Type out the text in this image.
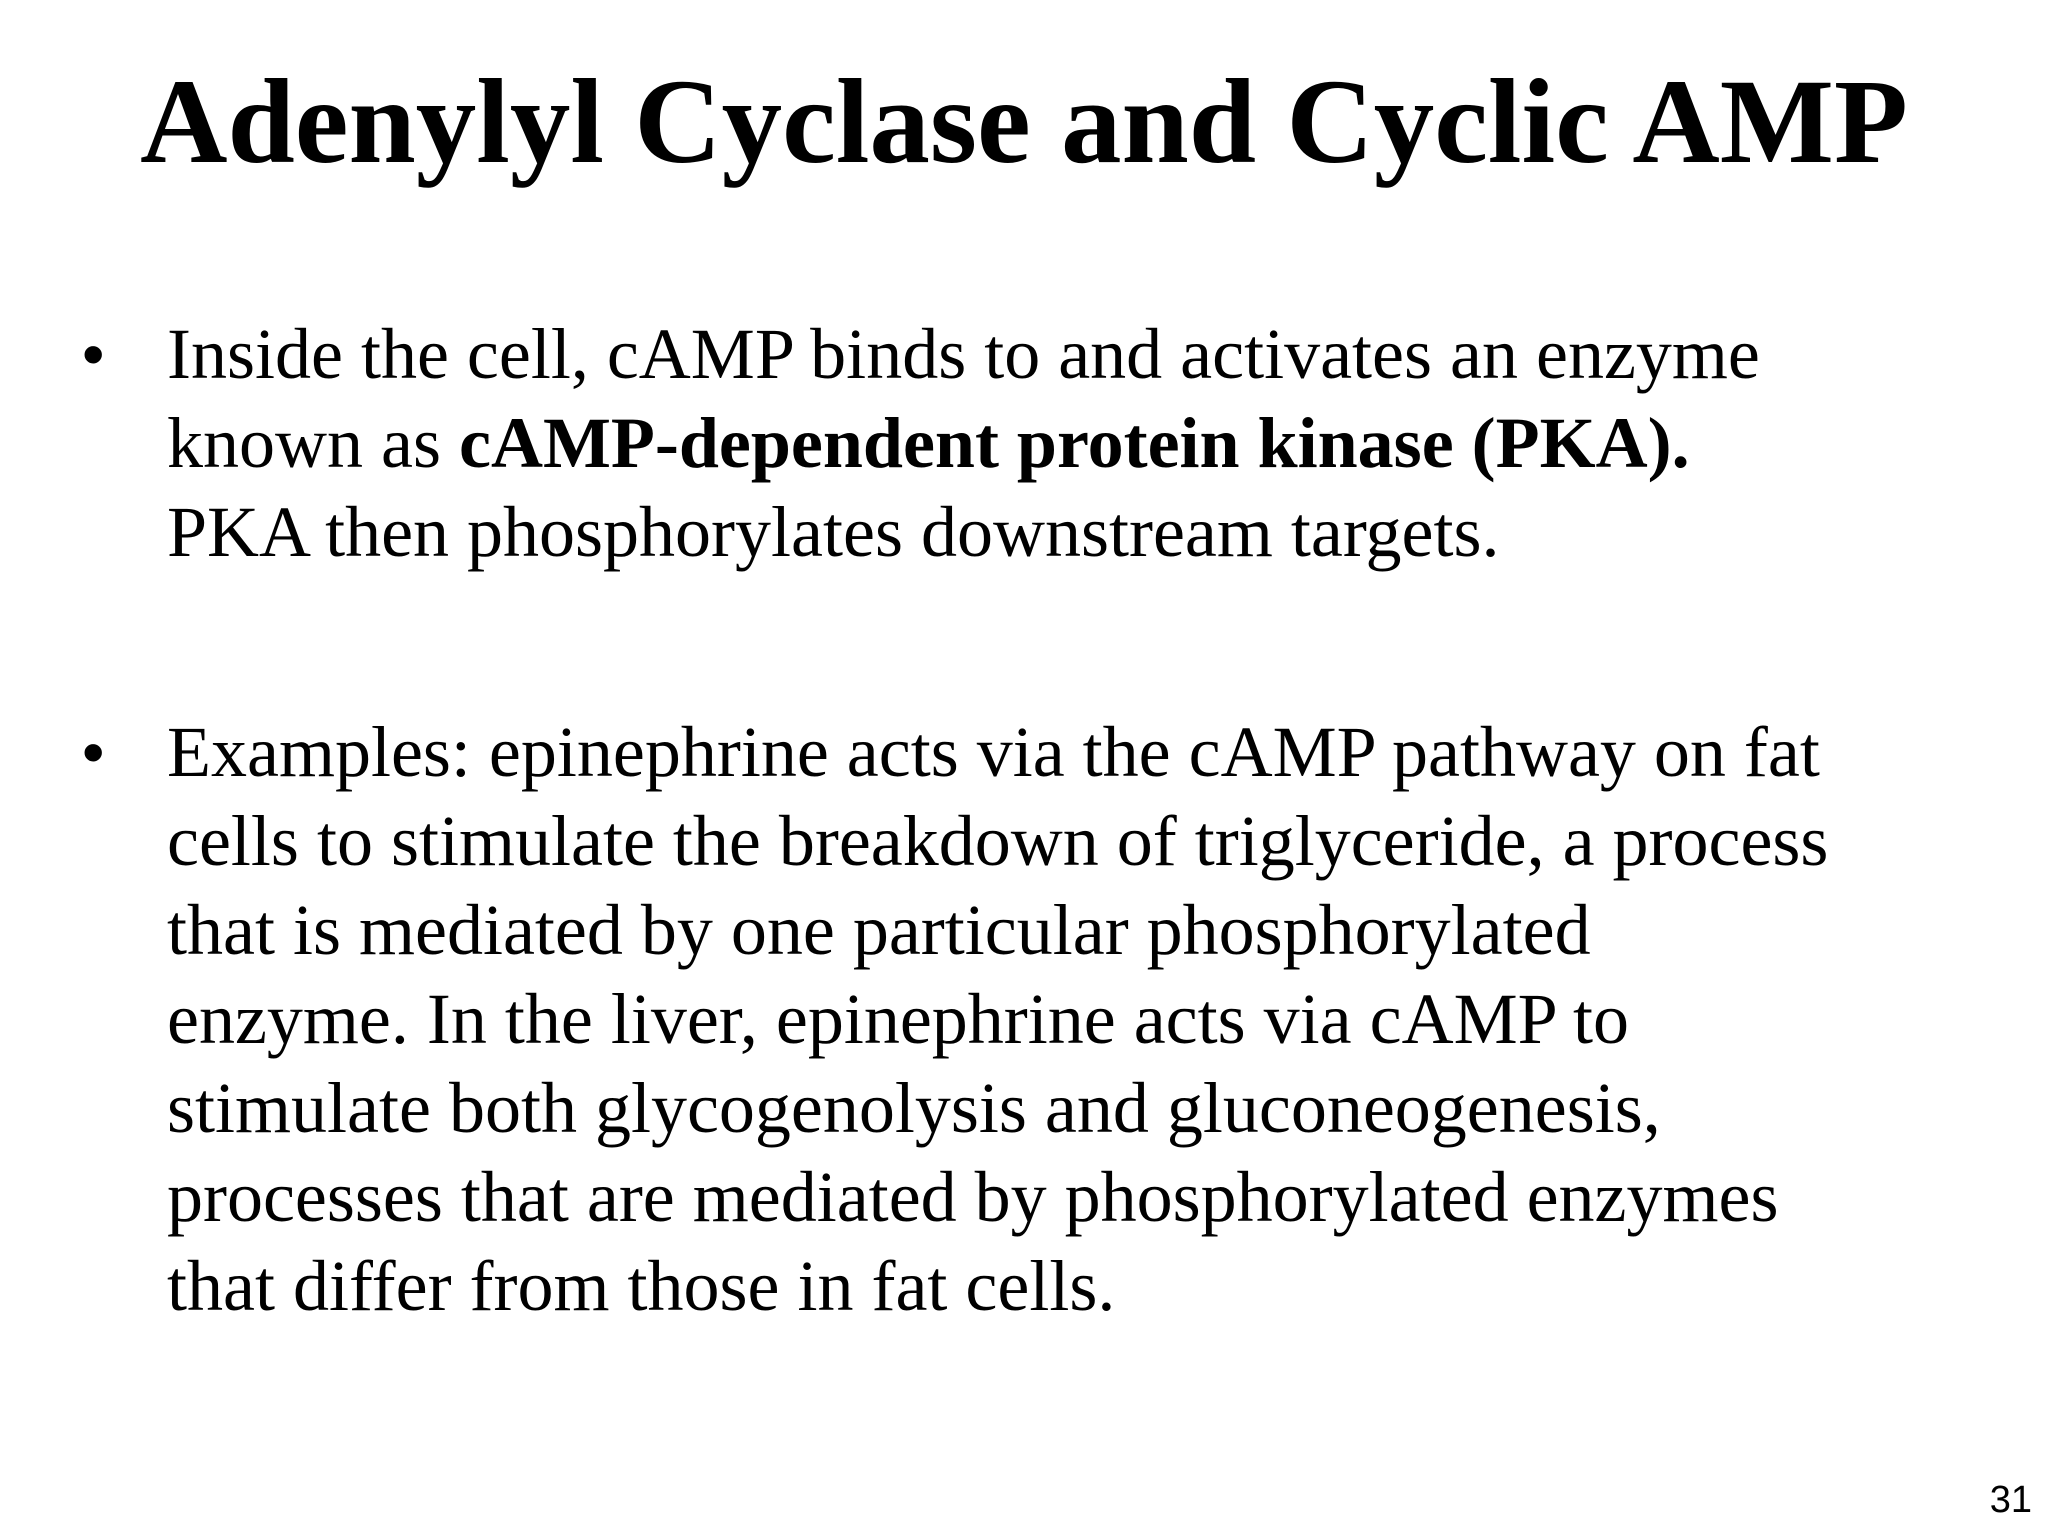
Adenylyl Cyclase and Cyclic AMP
• Inside the cell, cAMP binds to and activates an enzyme
known as cAMP-dependent protein kinase (PKA).
PKA then phosphorylates downstream targets.
• Examples: epinephrine acts via the cAMP pathway on fat
cells to stimulate the breakdown of triglyceride, a process
that is mediated by one particular phosphorylated
enzyme. In the liver, epinephrine acts via cAMP to
stimulate both glycogenolysis and gluconeogenesis,
processes that are mediated by phosphorylated enzymes
that differ from those in fat cells.
31
